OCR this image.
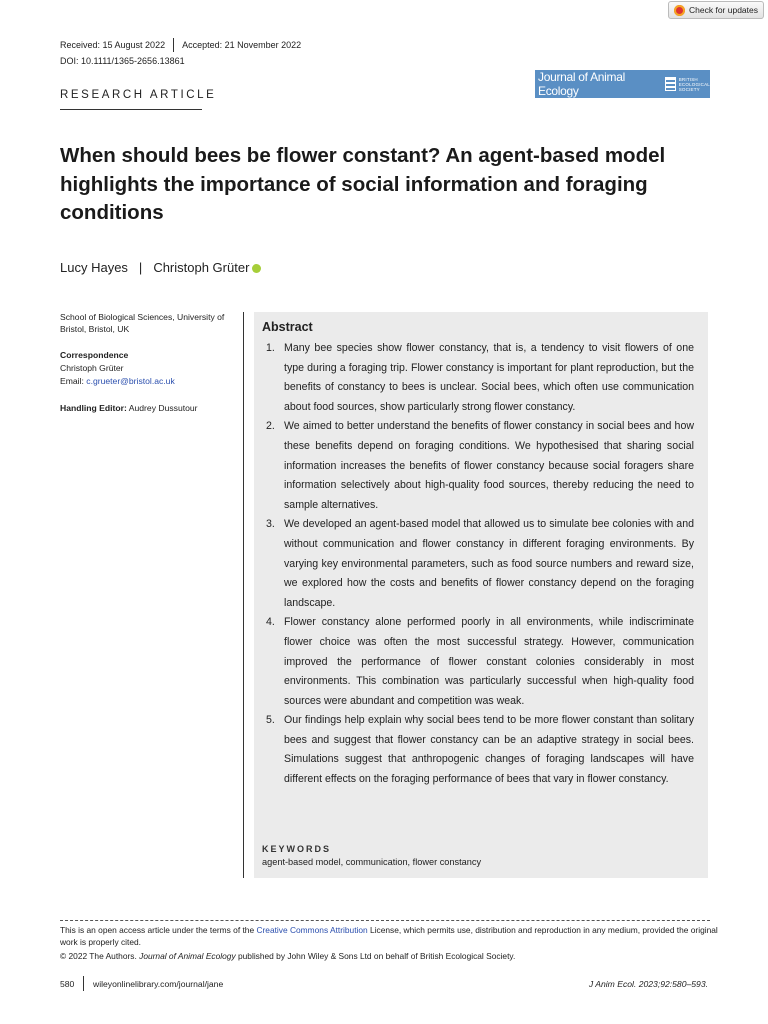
Check for updates
Received: 15 August 2022 Accepted: 21 November 2022
DOI: 10.1111/1365-2656.13861
Journal of Animal Ecology
BRITISH
ECOLOGICAL
SOCIETY
RESEARCH ARTICLE
When should bees be flower constant? An agent-based model highlights the importance of social information and foraging conditions
Lucy Hayes | Christoph Grüter
School of Biological Sciences, University of Bristol, Bristol, UK
Correspondence
Christoph Grüter
Email: c.grueter@bristol.ac.uk
Handling Editor: Audrey Dussutour
Abstract
1. Many bee species show flower constancy, that is, a tendency to visit flowers of one type during a foraging trip. Flower constancy is important for plant reproduction, but the benefits of constancy to bees is unclear. Social bees, which often use communication about food sources, show particularly strong flower constancy.
2. We aimed to better understand the benefits of flower constancy in social bees and how these benefits depend on foraging conditions. We hypothesised that sharing social information increases the benefits of flower constancy because social foragers share information selectively about high-quality food sources, thereby reducing the need to sample alternatives.
3. We developed an agent-based model that allowed us to simulate bee colonies with and without communication and flower constancy in different foraging environments. By varying key environmental parameters, such as food source numbers and reward size, we explored how the costs and benefits of flower constancy depend on the foraging landscape.
4. Flower constancy alone performed poorly in all environments, while indiscriminate flower choice was often the most successful strategy. However, communication improved the performance of flower constant colonies considerably in most environments. This combination was particularly successful when high-quality food sources were abundant and competition was weak.
5. Our findings help explain why social bees tend to be more flower constant than solitary bees and suggest that flower constancy can be an adaptive strategy in social bees. Simulations suggest that anthropogenic changes of foraging landscapes will have different effects on the foraging performance of bees that vary in flower constancy.
KEYWORDS
agent-based model, communication, flower constancy
This is an open access article under the terms of the Creative Commons Attribution License, which permits use, distribution and reproduction in any medium, provided the original work is properly cited.
© 2022 The Authors. Journal of Animal Ecology published by John Wiley & Sons Ltd on behalf of British Ecological Society.
580 wileyonlinelibrary.com/journal/jane	J Anim Ecol. 2023;92:580–593.
